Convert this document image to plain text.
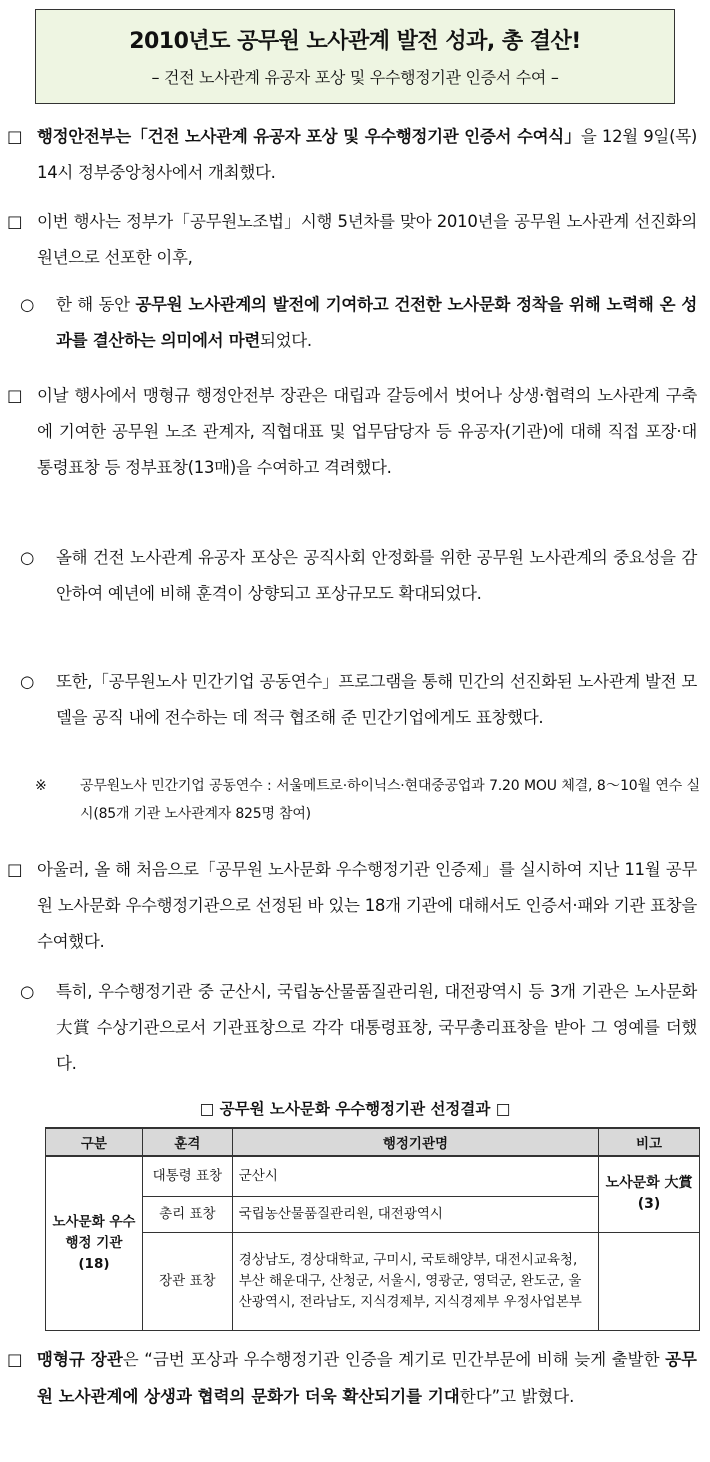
2010년도 공무원 노사관계 발전 성과, 총 결산!
– 건전 노사관계 유공자 포상 및 우수행정기관 인증서 수여 –
□ 행정안전부는「건전 노사관계 유공자 포상 및 우수행정기관 인증서 수여식」을 12월 9일(목) 14시 정부중앙청사에서 개최했다.
□ 이번 행사는 정부가「공무원노조법」시행 5년차를 맞아 2010년을 공무원 노사관계 선진화의 원년으로 선포한 이후,
○ 한 해 동안 공무원 노사관계의 발전에 기여하고 건전한 노사문화 정착을 위해 노력해 온 성과를 결산하는 의미에서 마련되었다.
□ 이날 행사에서 맹형규 행정안전부 장관은 대립과 갈등에서 벗어나 상생·협력의 노사관계 구축에 기여한 공무원 노조 관계자, 직협대표 및 업무담당자 등 유공자(기관)에 대해 직접 포장·대통령표창 등 정부표창(13매)을 수여하고 격려했다.
○ 올해 건전 노사관계 유공자 포상은 공직사회 안정화를 위한 공무원 노사관계의 중요성을 감안하여 예년에 비해 훈격이 상향되고 포상규모도 확대되었다.
○ 또한,「공무원노사 민간기업 공동연수」프로그램을 통해 민간의 선진화된 노사관계 발전 모델을 공직 내에 전수하는 데 적극 협조해 준 민간기업에게도 표창했다.
※ 공무원노사 민간기업 공동연수 : 서울메트로·하이닉스·현대중공업과 7.20 MOU 체결, 8～10월 연수 실시(85개 기관 노사관계자 825명 참여)
□ 아울러, 올 해 처음으로「공무원 노사문화 우수행정기관 인증제」를 실시하여 지난 11월 공무원 노사문화 우수행정기관으로 선정된 바 있는 18개 기관에 대해서도 인증서·패와 기관 표창을 수여했다.
○ 특히, 우수행정기관 중 군산시, 국립농산물품질관리원, 대전광역시 등 3개 기관은 노사문화大賞 수상기관으로서 기관표창으로 각각 대통령표창, 국무총리표창을 받아 그 영예를 더했다.
□ 공무원 노사문화 우수행정기관 선정결과 □
구분	훈격	행정기관명	비고
노사문화 우수행정 기관(18)	대통령 표창	군산시	노사문화 大賞(3)
	총리 표창	국립농산물품질관리원, 대전광역시	
	장관 표창	경상남도, 경상대학교, 구미시, 국토해양부, 대전시교육청, 부산 해운대구, 산청군, 서울시, 영광군, 영덕군, 완도군, 울산광역시, 전라남도, 지식경제부, 지식경제부 우정사업본부	
□ 맹형규 장관은 “금번 포상과 우수행정기관 인증을 계기로 민간부문에 비해 늦게 출발한 공무원 노사관계에 상생과 협력의 문화가 더욱 확산되기를 기대한다”고 밝혔다.
